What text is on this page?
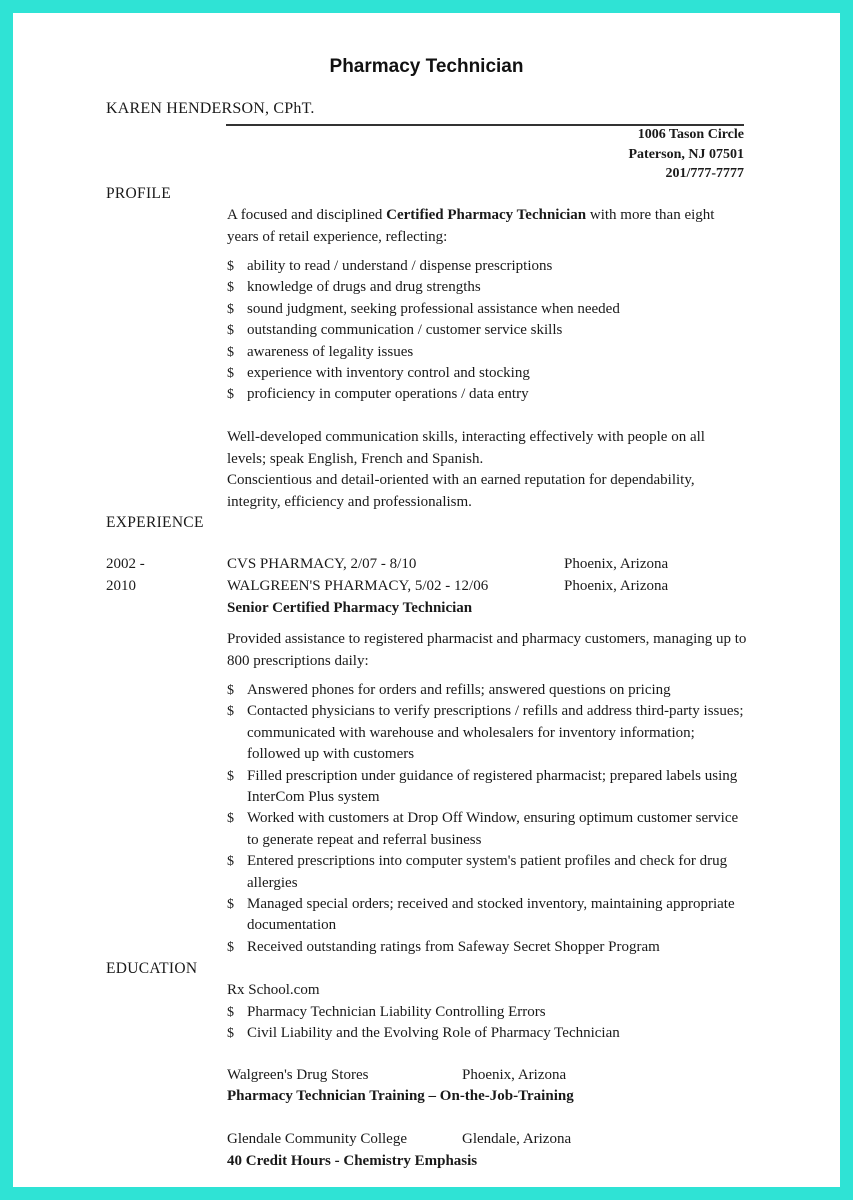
Pharmacy Technician
KAREN HENDERSON, CPhT.
1006 Tason Circle
Paterson, NJ 07501
201/777-7777
PROFILE
A focused and disciplined Certified Pharmacy Technician with more than eight years of retail experience, reflecting:
$ ability to read / understand / dispense prescriptions
$ knowledge of drugs and drug strengths
$ sound judgment, seeking professional assistance when needed
$ outstanding communication / customer service skills
$ awareness of legality issues
$ experience with inventory control and stocking
$ proficiency in computer operations / data entry
Well-developed communication skills, interacting effectively with people on all levels; speak English, French and Spanish.
Conscientious and detail-oriented with an earned reputation for dependability, integrity, efficiency and professionalism.
EXPERIENCE
2002 -
2010
CVS PHARMACY, 2/07 - 8/10	Phoenix, Arizona
WALGREEN'S PHARMACY, 5/02 - 12/06	Phoenix, Arizona
Senior Certified Pharmacy Technician
Provided assistance to registered pharmacist and pharmacy customers, managing up to 800 prescriptions daily:
$ Answered phones for orders and refills; answered questions on pricing
$ Contacted physicians to verify prescriptions / refills and address third-party issues; communicated with warehouse and wholesalers for inventory information; followed up with customers
$ Filled prescription under guidance of registered pharmacist; prepared labels using InterCom Plus system
$ Worked with customers at Drop Off Window, ensuring optimum customer service to generate repeat and referral business
$ Entered prescriptions into computer system's patient profiles and check for drug allergies
$ Managed special orders; received and stocked inventory, maintaining appropriate documentation
$ Received outstanding ratings from Safeway Secret Shopper Program
EDUCATION
Rx School.com
$ Pharmacy Technician Liability Controlling Errors
$ Civil Liability and the Evolving Role of Pharmacy Technician
Walgreen's Drug Stores	Phoenix, Arizona
Pharmacy Technician Training – On-the-Job-Training
Glendale Community College	Glendale, Arizona
40 Credit Hours - Chemistry Emphasis
